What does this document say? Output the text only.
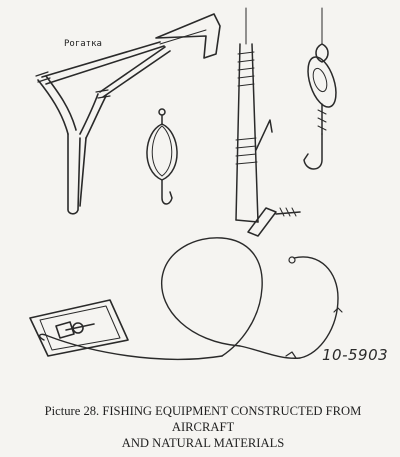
Рогатка
10-5903
Picture 28. FISHING EQUIPMENT CONSTRUCTED FROM AIRCRAFT
AND NATURAL MATERIALS
